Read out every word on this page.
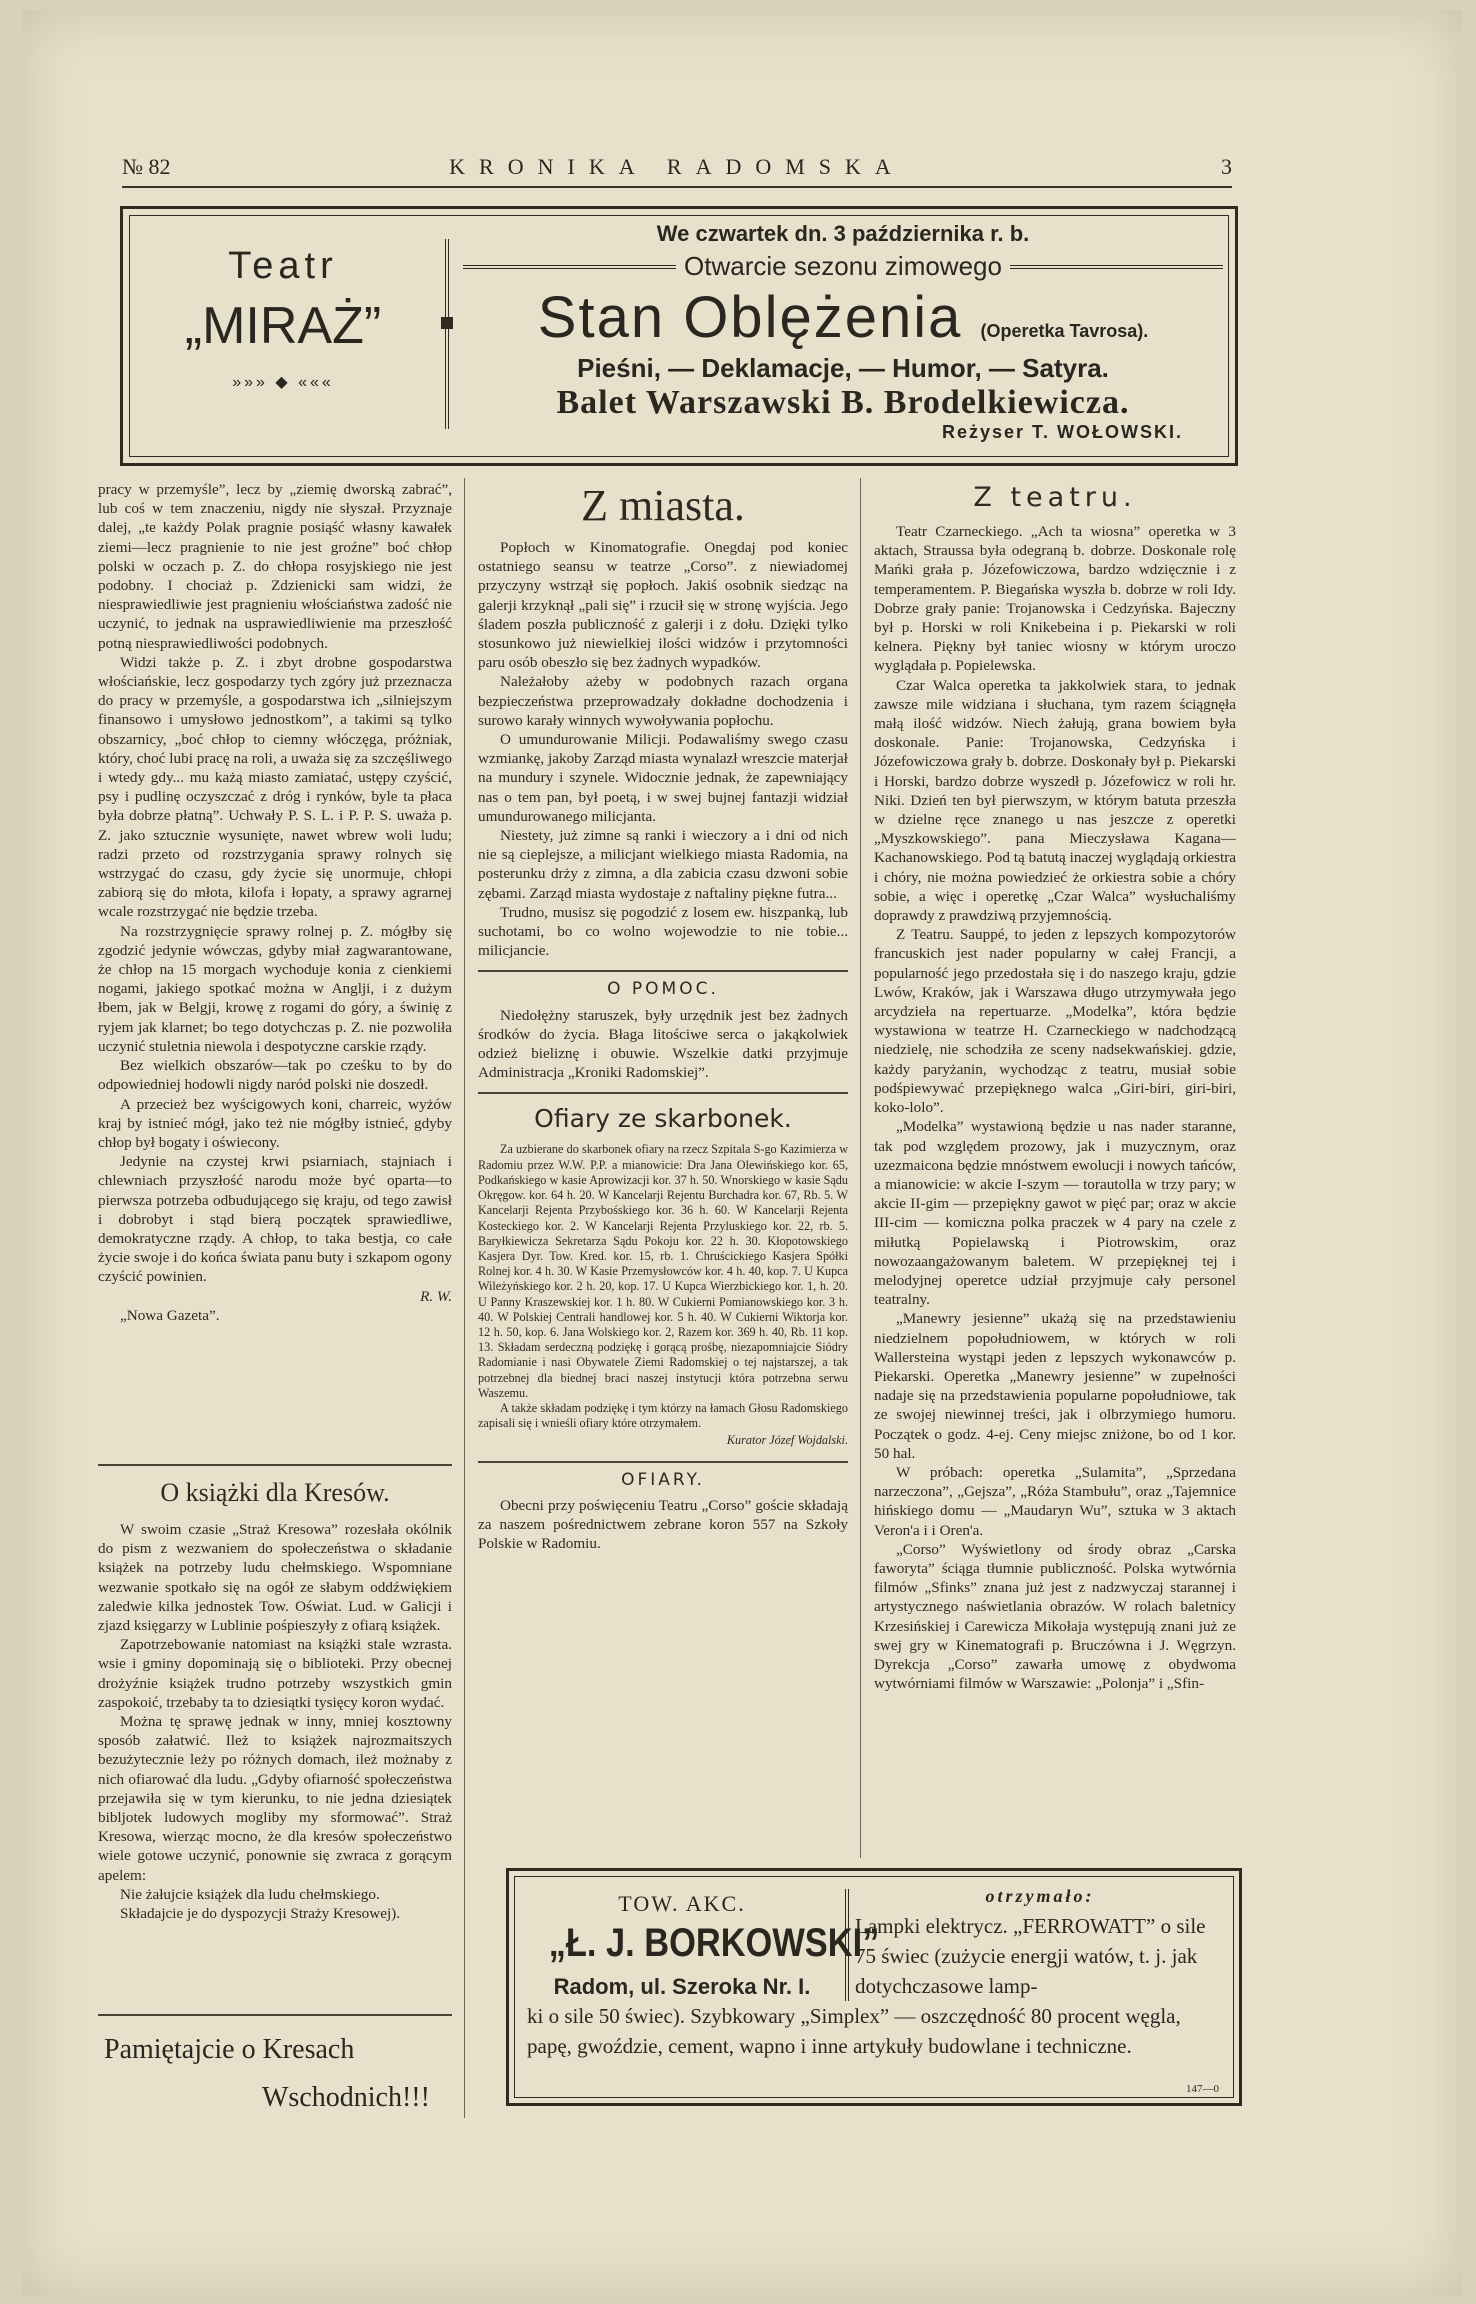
№ 82	KRONIKA RADOMSKA	3
Teatr
„MIRAŻ”
»»» ◆ «««
We czwartek dn. 3 października r. b.
Otwarcie sezonu zimowego
Stan Oblężenia (Operetka Tavrosa).
Pieśni, — Deklamacje, — Humor, — Satyra.
Balet Warszawski B. Brodelkiewicza.
Reżyser T. WOŁOWSKI.

pracy w przemyśle”, lecz by „ziemię dworską zabrać”, lub coś w tem znaczeniu, nigdy nie słyszał. Przyznaje dalej, „te każdy Polak pragnie posiąść własny kawałek ziemi—lecz pragnienie to nie jest groźne” boć chłop polski w oczach p. Z. do chłopa rosyjskiego nie jest podobny. I chociaż p. Zdzienicki sam widzi, że niesprawiedliwie jest pragnieniu włościaństwa zadość nie uczynić, to jednak na usprawiedliwienie ma przeszłość potną niesprawiedliwości podobnych.

Widzi także p. Z. i zbyt drobne gospodarstwa włościańskie, lecz gospodarzy tych zgóry już przeznacza do pracy w przemyśle, a gospodarstwa ich „silniejszym finansowo i umysłowo jednostkom”, a takimi są tylko obszarnicy, „boć chłop to ciemny włóczęga, próżniak, który, choć lubi pracę na roli, a uważa się za szczęśliwego i wtedy gdy... mu każą miasto zamiatać, ustępy czyścić, psy i pudlinę oczyszczać z dróg i rynków, byle ta płaca była dobrze płatną”. Uchwały P. S. L. i P. P. S. uważa p. Z. jako sztucznie wysunięte, nawet wbrew woli ludu; radzi przeto od rozstrzygania sprawy rolnych się wstrzygać do czasu, gdy życie się unormuje, chłopi zabiorą się do młota, kilofa i łopaty, a sprawy agrarnej wcale rozstrzygać nie będzie trzeba.

Na rozstrzygnięcie sprawy rolnej p. Z. mógłby się zgodzić jedynie wówczas, gdyby miał zagwarantowane, że chłop na 15 morgach wychoduje konia z cienkiemi nogami, jakiego spotkać można w Anglji, i z dużym łbem, jak w Belgji, krowę z rogami do góry, a świnię z ryjem jak klarnet; bo tego dotychczas p. Z. nie pozwoliła uczynić stuletnia niewola i despotyczne carskie rządy.

Bez wielkich obszarów—tak po cześku to by do odpowiedniej hodowli nigdy naród polski nie doszedł.

A przecież bez wyścigowych koni, charreic, wyżów kraj by istnieć mógł, jako też nie mógłby istnieć, gdyby chłop był bogaty i oświecony.

Jedynie na czystej krwi psiarniach, stajniach i chlewniach przyszłość narodu może być oparta—to pierwsza potrzeba odbudującego się kraju, od tego zawisł i dobrobyt i stąd bierą początek sprawiedliwe, demokratyczne rządy. A chłop, to taka bestja, co całe życie swoje i do końca świata panu buty i szkapom ogony czyścić powinien.

R. W.

„Nowa Gazeta”.

O książki dla Kresów.

W swoim czasie „Straż Kresowa” rozesłała okólnik do pism z wezwaniem do społeczeństwa o składanie książek na potrzeby ludu chełmskiego. Wspomniane wezwanie spotkało się na ogół ze słabym oddźwiękiem zaledwie kilka jednostek Tow. Oświat. Lud. w Galicji i zjazd księgarzy w Lublinie pośpieszyły z ofiarą książek.

Zapotrzebowanie natomiast na książki stale wzrasta. wsie i gminy dopominają się o biblioteki. Przy obecnej drożyźnie książek trudno potrzeby wszystkich gmin zaspokoić, trzebaby ta to dziesiątki tysięcy koron wydać.

Można tę sprawę jednak w inny, mniej kosztowny sposób załatwić. Ileż to książek najrozmaitszych bezużytecznie leży po różnych domach, ileż możnaby z nich ofiarować dla ludu. „Gdyby ofiarność społeczeństwa przejawiła się w tym kierunku, to nie jedna dziesiątek bibljotek ludowych mogliby my sformować”. Straż Kresowa, wierząc mocno, że dla kresów społeczeństwo wiele gotowe uczynić, ponownie się zwraca z gorącym apelem:

Nie żałujcie książek dla ludu chełmskiego.

Składajcie je do dyspozycji Straży Kresowej).

Pamiętajcie o Kresach
Wschodnich!!!
Z miasta.

Popłoch w Kinomatografie. Onegdaj pod koniec ostatniego seansu w teatrze „Corso”. z niewiadomej przyczyny wstrzął się popłoch. Jakiś osobnik siedząc na galerji krzyknął „pali się” i rzucił się w stronę wyjścia. Jego śladem poszła publiczność z galerji i z dołu. Dzięki tylko stosunkowo już niewielkiej ilości widzów i przytomności paru osób obeszło się bez żadnych wypadków.

Należałoby ażeby w podobnych razach organa bezpieczeństwa przeprowadzały dokładne dochodzenia i surowo karały winnych wywoływania popłochu.

O umundurowanie Milicji. Podawaliśmy swego czasu wzmiankę, jakoby Zarząd miasta wynalazł wreszcie materjał na mundury i szynele. Widocznie jednak, że zapewniający nas o tem pan, był poetą, i w swej bujnej fantazji widział umundurowanego milicjanta.

Niestety, już zimne są ranki i wieczory a i dni od nich nie są cieplejsze, a milicjant wielkiego miasta Radomia, na posterunku drży z zimna, a dla zabicia czasu dzwoni sobie zębami. Zarząd miasta wydostaje z naftaliny piękne futra...

Trudno, musisz się pogodzić z losem ew. hiszpanką, lub suchotami, bo co wolno wojewodzie to nie tobie... milicjancie.

O POMOC.

Niedołężny staruszek, były urzędnik jest bez żadnych środków do życia. Błaga litościwe serca o jakąkolwiek odzież bieliznę i obuwie. Wszelkie datki przyjmuje Administracja „Kroniki Radomskiej”.

Ofiary ze skarbonek.

Za uzbierane do skarbonek ofiary na rzecz Szpitala S-go Kazimierza w Radomiu przez W.W. P.P. a mianowicie: Dra Jana Olewińskiego kor. 65, Podkańskiego w kasie Aprowizacji kor. 37 h. 50. Wnorskiego w kasie Sądu Okręgow. kor. 64 h. 20. W Kancelarji Rejentu Burchadra kor. 67, Rb. 5. W Kancelarji Rejenta Przybośskiego kor. 36 h. 60. W Kancelarji Rejenta Kosteckiego kor. 2. W Kancelarji Rejenta Przyluskiego kor. 22, rb. 5. Baryłkiewicza Sekretarza Sądu Pokoju kor. 22 h. 30. Kłopotowskiego Kasjera Dyr. Tow. Kred. kor. 15, rb. 1. Chruścickiego Kasjera Spółki Rolnej kor. 4 h. 30. W Kasie Przemysłowców kor. 4 h. 40, kop. 7. U Kupca Wileżyńskiego kor. 2 h. 20, kop. 17. U Kupca Wierzbickiego kor. 1, h. 20. U Panny Kraszewskiej kor. 1 h. 80. W Cukierni Pomianowskiego kor. 3 h. 40. W Polskiej Centrali handlowej kor. 5 h. 40. W Cukierni Wiktorja kor. 12 h. 50, kop. 6. Jana Wolskiego kor. 2, Razem kor. 369 h. 40, Rb. 11 kop. 13. Składam serdeczną podziękę i gorącą prośbę, niezapomniajcie Siódry Radomianie i nasi Obywatele Ziemi Radomskiej o tej najstarszej, a tak potrzebnej dla biednej braci naszej instytucji która potrzebna serwu Waszemu.

A także składam podziękę i tym którzy na łamach Głosu Radomskiego zapisali się i wnieśli ofiary które otrzymałem.

Kurator Józef Wojdalski.
OFIARY.

Obecni przy poświęceniu Teatru „Corso” goście składają za naszem pośrednictwem zebrane koron 557 na Szkoły Polskie w Radomiu.

Z teatru.

Teatr Czarneckiego. „Ach ta wiosna” operetka w 3 aktach, Straussa była odegraną b. dobrze. Doskonale rolę Mańki grała p. Józefowiczowa, bardzo wdzięcznie i z temperamentem. P. Biegańska wyszła b. dobrze w roli Idy. Dobrze grały panie: Trojanowska i Cedzyńska. Bajeczny był p. Horski w roli Knikebeina i p. Piekarski w roli kelnera. Piękny był taniec wiosny w którym uroczo wyglądała p. Popielewska.

Czar Walca operetka ta jakkolwiek stara, to jednak zawsze mile widziana i słuchana, tym razem ściągnęła małą ilość widzów. Niech żałują, grana bowiem była doskonale. Panie: Trojanowska, Cedzyńska i Józefowiczowa grały b. dobrze. Doskonały był p. Piekarski i Horski, bardzo dobrze wyszedł p. Józefowicz w roli hr. Niki. Dzień ten był pierwszym, w którym batuta przeszła w dzielne ręce znanego u nas jeszcze z operetki „Myszkowskiego”. pana Mieczysława Kagana—Kachanowskiego. Pod tą batutą inaczej wyglądają orkiestra i chóry, nie można powiedzieć że orkiestra sobie a chóry sobie, a więc i operetkę „Czar Walca” wysłuchaliśmy doprawdy z prawdziwą przyjemnością.

Z Teatru. Sauppé, to jeden z lepszych kompozytorów francuskich jest nader popularny w całej Francji, a popularność jego przedostała się i do naszego kraju, gdzie Lwów, Kraków, jak i Warszawa długo utrzymywała jego arcydzieła na repertuarze. „Modelka”, która będzie wystawiona w teatrze H. Czarneckiego w nadchodzącą niedzielę, nie schodziła ze sceny nadsekwańskiej. gdzie, każdy paryżanin, wychodząc z teatru, musiał sobie podśpiewywać przepięknego walca „Giri-biri, giri-biri, koko-lolo”.

„Modelka” wystawioną będzie u nas nader staranne, tak pod względem prozowy, jak i muzycznym, oraz uzezmaicona będzie mnóstwem ewolucji i nowych tańców, a mianowicie: w akcie I-szym — torautolla w trzy pary; w akcie II-gim — przepiękny gawot w pięć par; oraz w akcie III-cim — komiczna polka praczek w 4 pary na czele z miłutką Popielawską i Piotrowskim, oraz nowozaangażowanym baletem. W przepięknej tej i melodyjnej operetce udział przyjmuje cały personel teatralny.

„Manewry jesienne” ukażą się na przedstawieniu niedzielnem popołudniowem, w których w roli Wallersteina wystąpi jeden z lepszych wykonawców p. Piekarski. Operetka „Manewry jesienne” w zupełności nadaje się na przedstawienia popularne popołudniowe, tak ze swojej niewinnej treści, jak i olbrzymiego humoru. Początek o godz. 4-ej. Ceny miejsc zniżone, bo od 1 kor. 50 hal.

W próbach: operetka „Sulamita”, „Sprzedana narzeczona”, „Gejsza”, „Róża Stambułu”, oraz „Tajemnice hińskiego domu — „Maudaryn Wu”, sztuka w 3 aktach Veron'a i i Oren'a.

„Corso” Wyświetlony od środy obraz „Carska faworyta” ściąga tłumnie publiczność. Polska wytwórnia filmów „Sfinks” znana już jest z nadzwyczaj starannej i artystycznego naświetlania obrazów. W rolach baletnicy Krzesińskiej i Carewicza Mikołaja występują znani już ze swej gry w Kinematografi p. Bruczówna i J. Węgrzyn. Dyrekcja „Corso” zawarła umowę z obydwoma wytwórniami filmów w Warszawie: „Polonja” i „Sfin-

TOW. AKC.
„Ł. J. BORKOWSKI”
Radom, ul. Szeroka Nr. I.
otrzymało:
Lampki elektrycz. „FERROWATT” o sile 75 świec (zużycie energji watów, t. j. jak dotychczasowe lamp-
ki o sile 50 świec). Szybkowary „Simplex” — oszczędność 80 procent węgla, papę, gwoździe, cement, wapno i inne artykuły budowlane i techniczne.
147—0
